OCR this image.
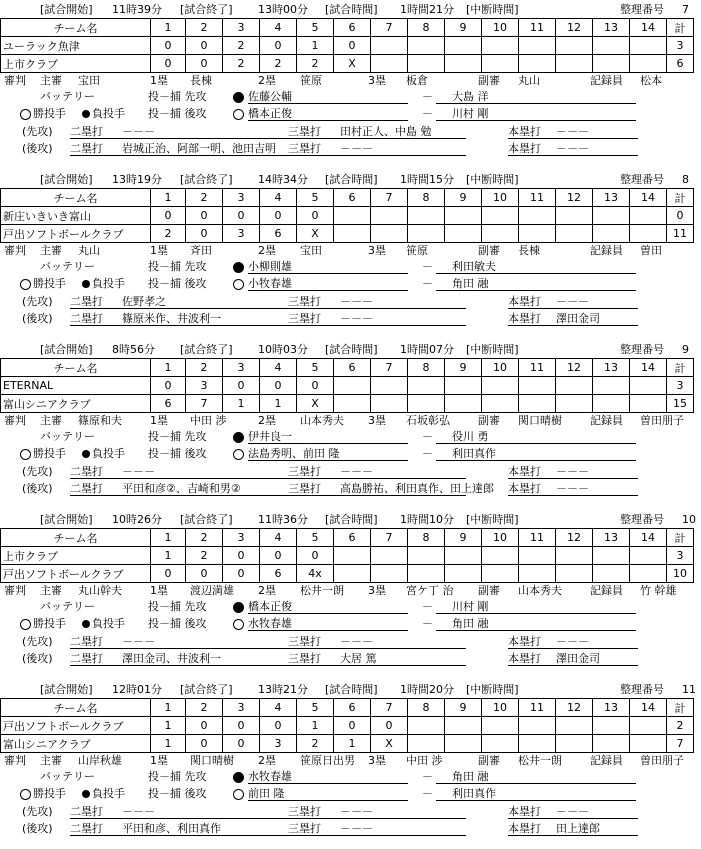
[試合開始] 11時39分 [試合終了] 13時00分 [試合時間] 1時間21分 [中断時間]	整理番号 7
チーム名	1	2	3	4	5	6	7	8	9	10	11	12	13	14	計
ユーラック魚津	0	0	2	0	1	0									3
上市クラブ	0	0	2	2	2	X									6
審判 主審 宝田	1塁 長棟	2塁 笹原	3塁 板倉	副審 丸山	記録員 松本
バッテリー	投－捕 先攻	佐藤公輔	－ 大島 洋
勝投手 負投手 投－捕 後攻	橋本正俊	－ 川村 剛
(先攻) 二塁打 －－－	三塁打 田村正人、中島 勉	本塁打 －－－
(後攻) 二塁打 岩城正治、阿部一明、池田吉明 三塁打 －－－	本塁打 －－－
[試合開始] 13時19分 [試合終了] 14時34分 [試合時間] 1時間15分 [中断時間]	整理番号 8
チーム名	1	2	3	4	5	6	7	8	9	10	11	12	13	14	計
新庄いきいき富山	0	0	0	0	0										0
戸出ソフトボールクラブ	2	0	3	6	X										11
審判 主審 丸山	1塁 斉田	2塁 宝田	3塁 笹原	副審 長棟	記録員 曽田
バッテリー	投－捕 先攻	小柳則雄	－ 利田敏夫
勝投手 負投手 投－捕 後攻	小牧春雄	－ 角田 融
(先攻) 二塁打 佐野孝之	三塁打 －－－	本塁打 －－－
(後攻) 二塁打 篠原米作、井波利一	三塁打 －－－	本塁打 澤田金司
[試合開始] 8時56分 [試合終了] 10時03分 [試合時間] 1時間07分 [中断時間]	整理番号 9
チーム名	1	2	3	4	5	6	7	8	9	10	11	12	13	14	計
ETERNAL	0	3	0	0	0										3
富山シニアクラブ	6	7	1	1	X										15
審判 主審 篠原和夫	1塁 中田 渉	2塁 山本秀夫 3塁 石坂彰弘	副審 関口晴樹	記録員 曽田朋子
バッテリー	投－捕 先攻	伊井良一	－ 役川 勇
勝投手 負投手 投－捕 後攻	法島秀明、前田 隆	－ 利田真作
(先攻) 二塁打 －－－	三塁打 －－－	本塁打 －－－
(後攻) 二塁打 平田和彦②、吉崎和男②	三塁打 高島勝祐、利田真作、田上達郎 本塁打 －－－
[試合開始] 10時26分 [試合終了] 11時36分 [試合時間] 1時間10分 [中断時間]	整理番号 10
チーム名	1	2	3	4	5	6	7	8	9	10	11	12	13	14	計
上市クラブ	1	2	0	0	0										3
戸出ソフトボールクラブ	0	0	0	6	4x										10
審判 主審 丸山幹夫	1塁 渡辺満雄 2塁 松井一朗 3塁 宮ケ丁 治 副審 山本秀夫	記録員 竹 幹雄
バッテリー	投－捕 先攻	橋本正俊	－ 川村 剛
勝投手 負投手 投－捕 後攻	水牧春雄	－ 角田 融
(先攻) 二塁打 －－－	三塁打 －－－	本塁打 －－－
(後攻) 二塁打 澤田金司、井波利一	三塁打 大居 篤	本塁打 澤田金司
[試合開始] 12時01分 [試合終了] 13時21分 [試合時間] 1時間20分 [中断時間]	整理番号 11
チーム名	1	2	3	4	5	6	7	8	9	10	11	12	13	14	計
戸出ソフトボールクラブ	1	0	0	0	1	0	0								2
富山シニアクラブ	1	0	0	3	2	1	X								7
審判 主審 山岸秋雄	1塁 関口晴樹 2塁 笹原日出男 3塁 中田 渉	副審 松井一朗	記録員 曽田朋子
バッテリー	投－捕 先攻	水牧春雄	－ 角田 融
勝投手 負投手 投－捕 後攻	前田 隆	－ 利田真作
(先攻) 二塁打 －－－	三塁打 －－－	本塁打 －－－
(後攻) 二塁打 平田和彦、利田真作	三塁打 －－－	本塁打 田上達郎
